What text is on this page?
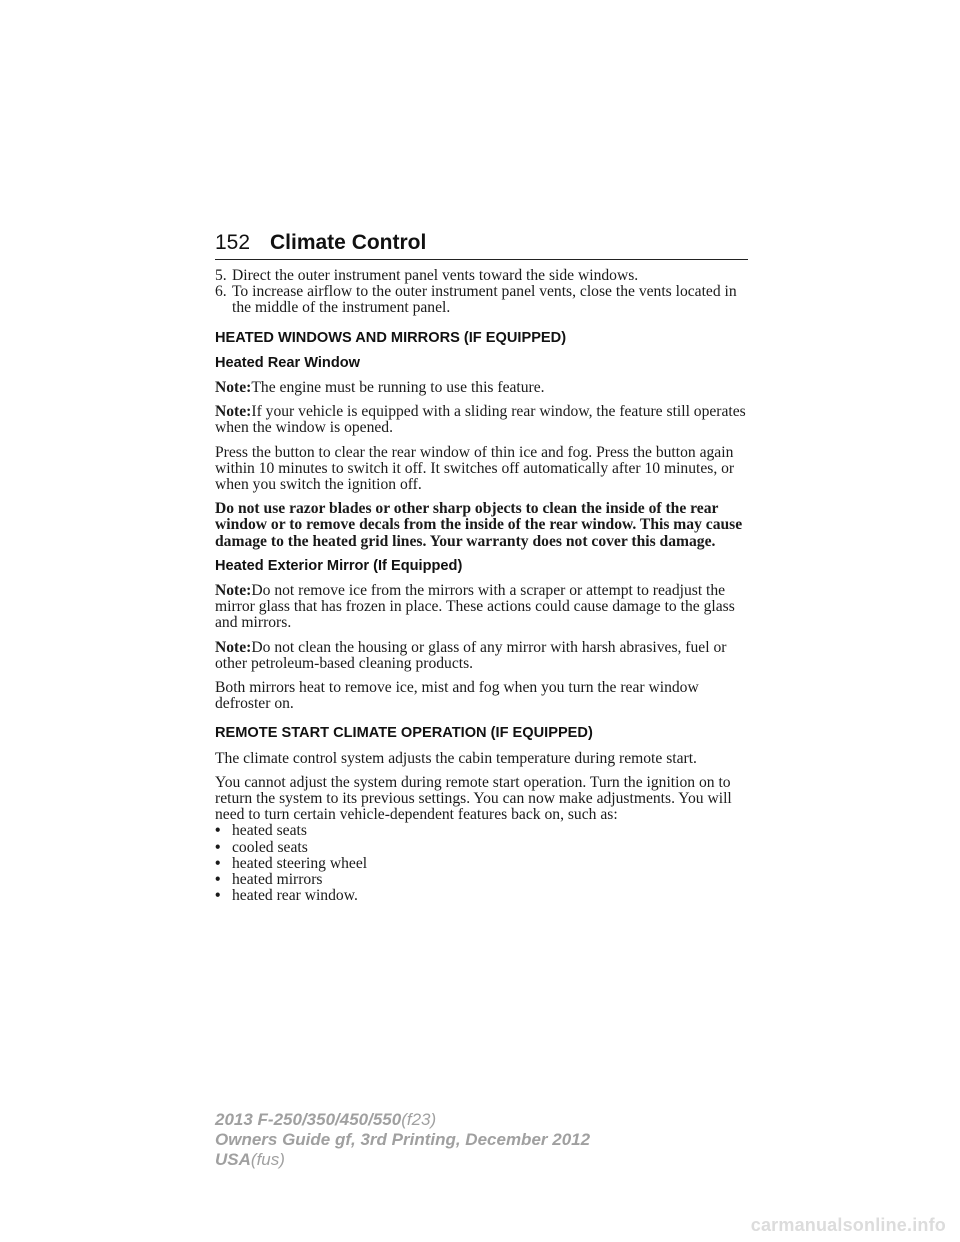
152 Climate Control
5. Direct the outer instrument panel vents toward the side windows.
6. To increase airflow to the outer instrument panel vents, close the vents located in the middle of the instrument panel.
HEATED WINDOWS AND MIRRORS (IF EQUIPPED)
Heated Rear Window

Note:The engine must be running to use this feature.

Note:If your vehicle is equipped with a sliding rear window, the feature still operates when the window is opened.

Press the button to clear the rear window of thin ice and fog. Press the button again within 10 minutes to switch it off. It switches off automatically after 10 minutes, or when you switch the ignition off.

Do not use razor blades or other sharp objects to clean the inside of the rear window or to remove decals from the inside of the rear window. This may cause damage to the heated grid lines. Your warranty does not cover this damage.

Heated Exterior Mirror (If Equipped)

Note:Do not remove ice from the mirrors with a scraper or attempt to readjust the mirror glass that has frozen in place. These actions could cause damage to the glass and mirrors.

Note:Do not clean the housing or glass of any mirror with harsh abrasives, fuel or other petroleum-based cleaning products.

Both mirrors heat to remove ice, mist and fog when you turn the rear window defroster on.

REMOTE START CLIMATE OPERATION (IF EQUIPPED)

The climate control system adjusts the cabin temperature during remote start.

You cannot adjust the system during remote start operation. Turn the ignition on to return the system to its previous settings. You can now make adjustments. You will need to turn certain vehicle-dependent features back on, such as:

• heated seats
• cooled seats
• heated steering wheel
• heated mirrors
• heated rear window.
2013 F-250/350/450/550(f23)
Owners Guide gf, 3rd Printing, December 2012
USA(fus)
carmanualsonline.info
